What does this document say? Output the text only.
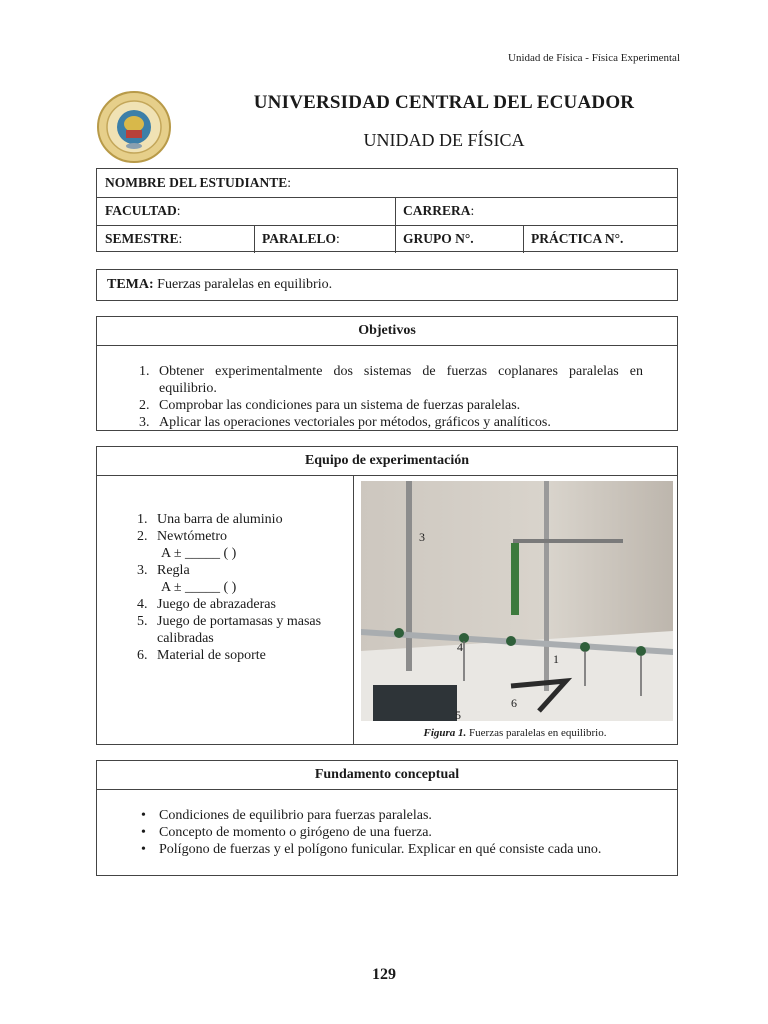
Unidad de Física - Física Experimental
UNIVERSIDAD CENTRAL DEL ECUADOR
UNIDAD DE FÍSICA
NOMBRE DEL ESTUDIANTE:
FACULTAD:	CARRERA:
SEMESTRE:	PARALELO:	GRUPO N°.	PRÁCTICA N°.
TEMA: Fuerzas paralelas en equilibrio.
Objetivos
1. Obtener experimentalmente dos sistemas de fuerzas coplanares paralelas en equilibrio.
2. Comprobar las condiciones para un sistema de fuerzas paralelas.
3. Aplicar las operaciones vectoriales por métodos, gráficos y analíticos.
Equipo de experimentación
1. Una barra de aluminio
2. Newtómetro
A ± _____ ( )
3. Regla
A ± _____ ( )
4. Juego de abrazaderas
5. Juego de portamasas y masas calibradas
6. Material de soporte
3
4
1
6
5
Figura 1. Fuerzas paralelas en equilibrio.
Fundamento conceptual
• Condiciones de equilibrio para fuerzas paralelas.
• Concepto de momento o girógeno de una fuerza.
• Polígono de fuerzas y el polígono funicular. Explicar en qué consiste cada uno.
129
